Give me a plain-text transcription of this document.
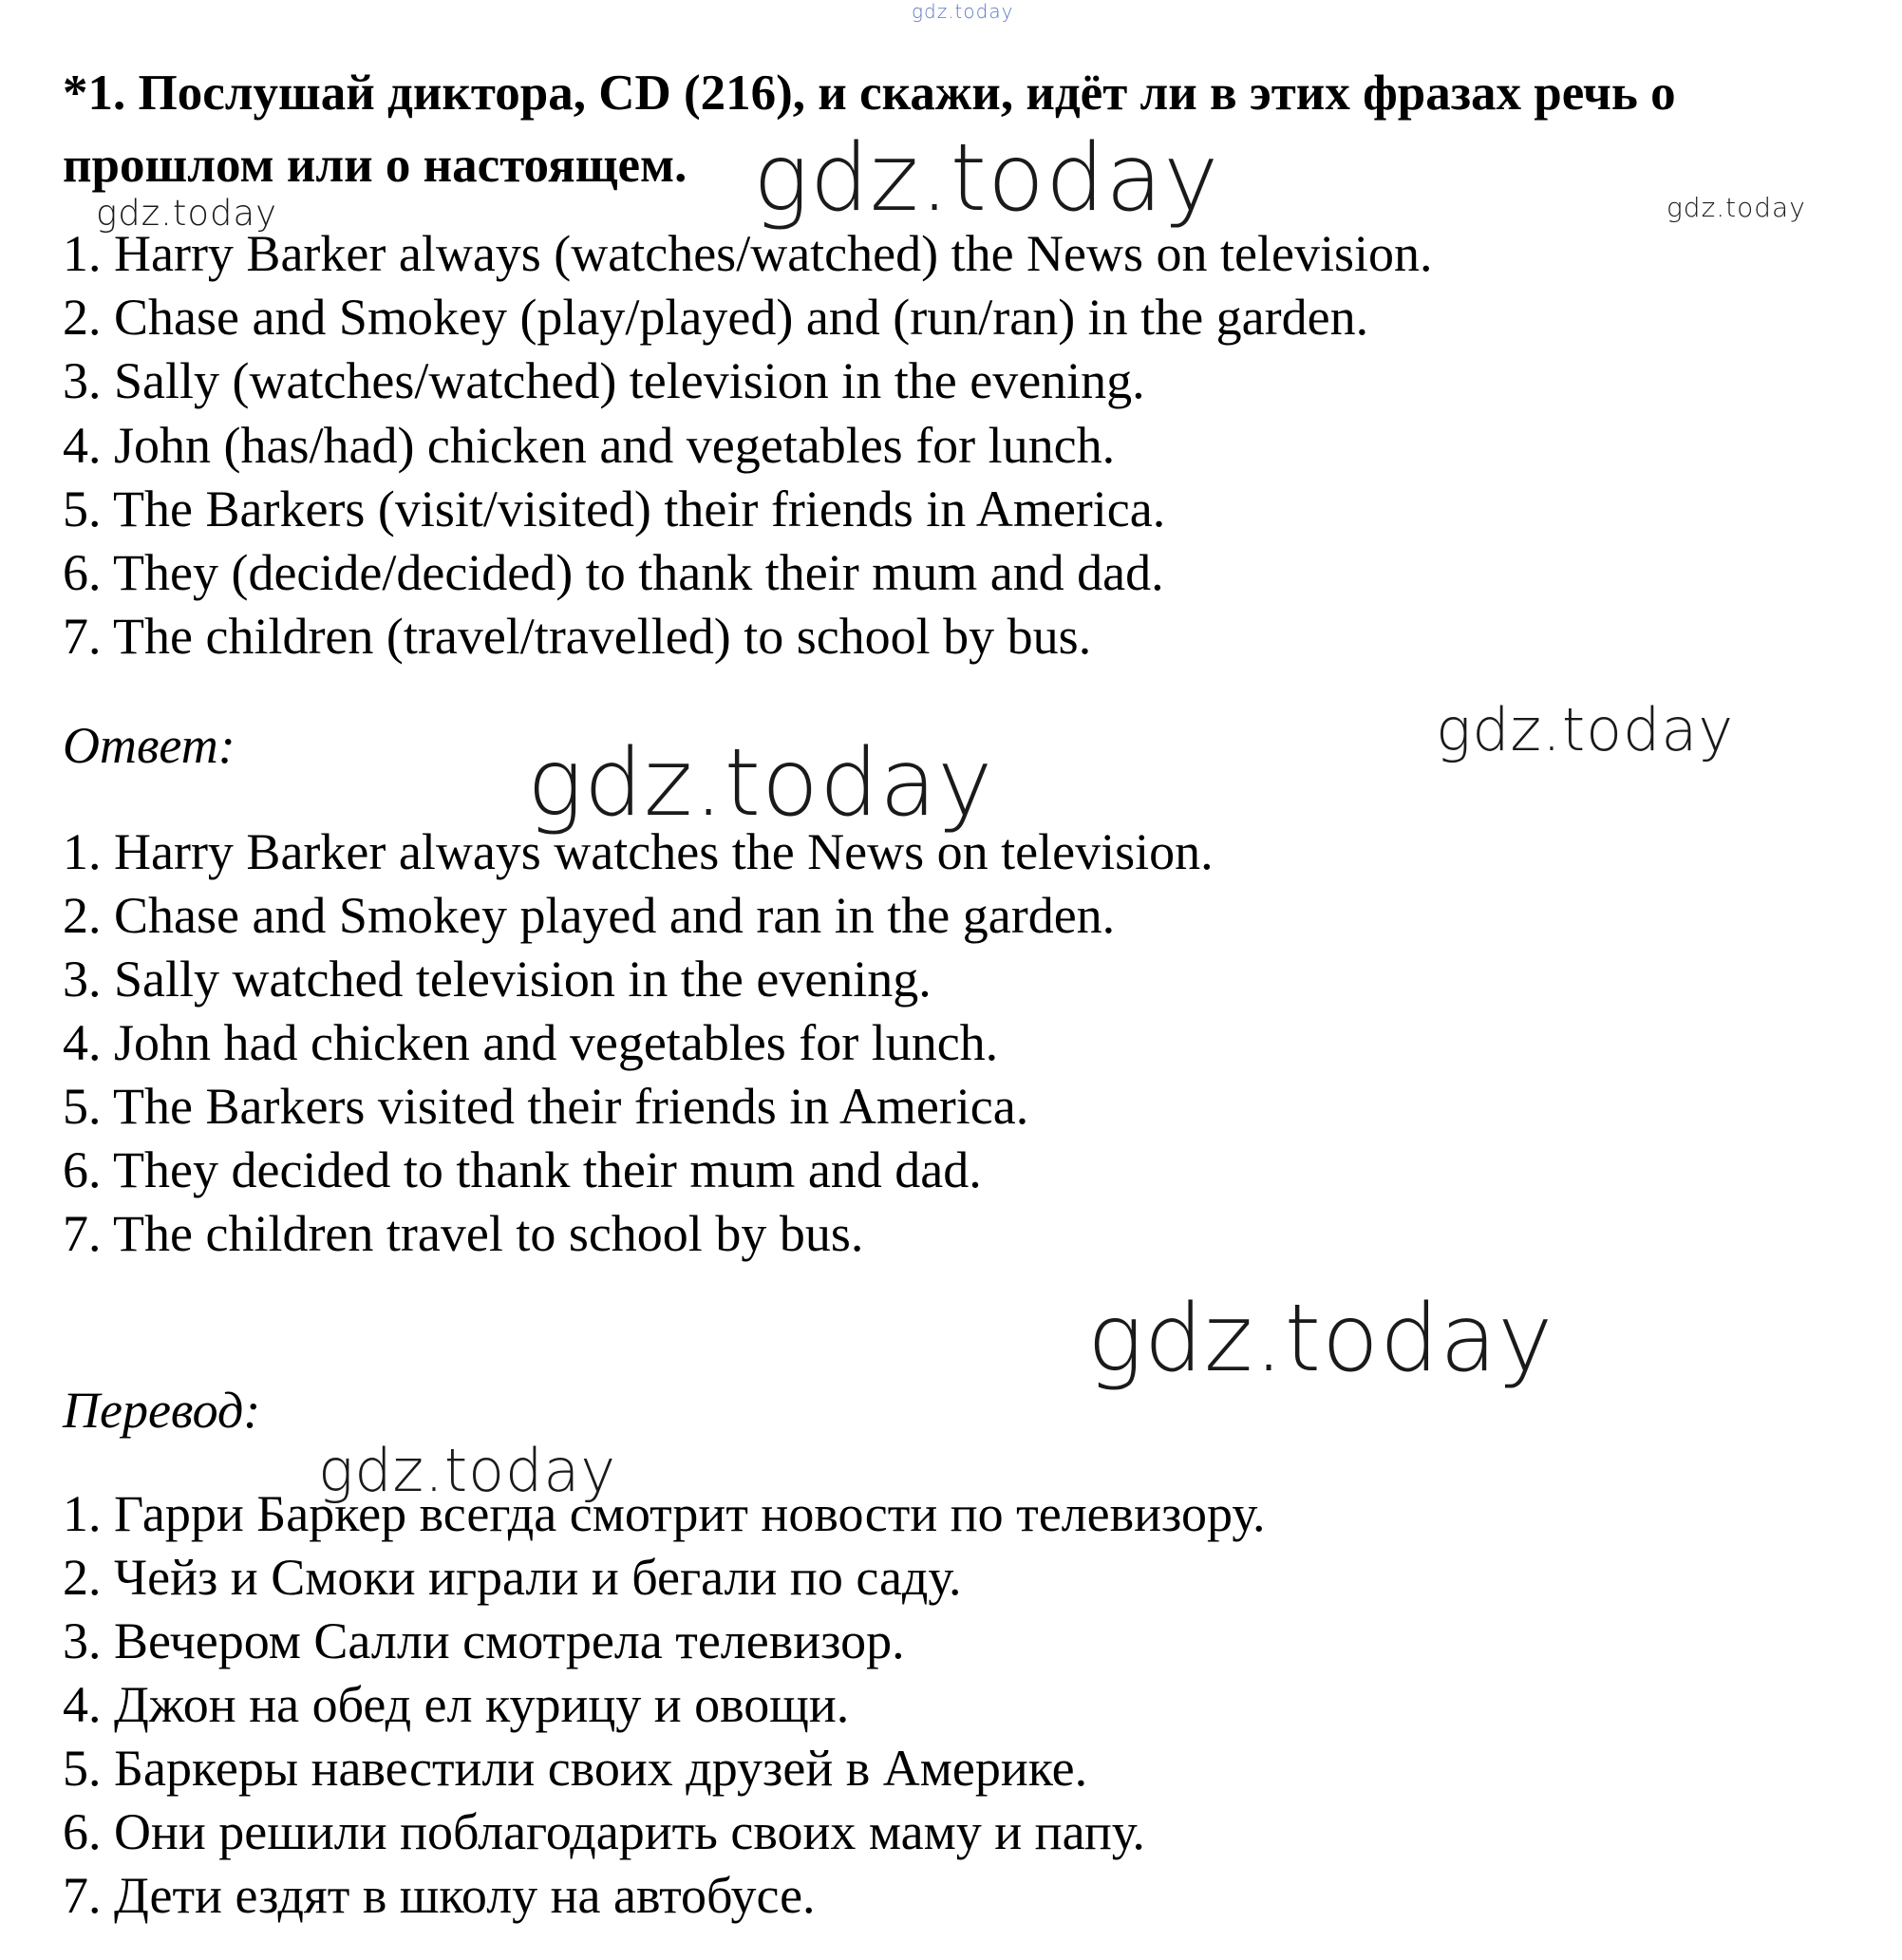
gdz.today
gdz.today
gdz.today	gdz.today
gdz.today
gdz.today
gdz.today
gdz.today
*1. Послушай диктора, CD (216), и скажи, идёт ли в этих фразах речь о прошлом или о настоящем.

1. Harry Barker always (watches/watched) the News on television.

2. Chase and Smokey (play/played) and (run/ran) in the garden.

3. Sally (watches/watched) television in the evening.

4. John (has/had) chicken and vegetables for lunch.

5. The Barkers (visit/visited) their friends in America.

6. They (decide/decided) to thank their mum and dad.

7. The children (travel/travelled) to school by bus.

Ответ:

1. Harry Barker always watches the News on television.

2. Chase and Smokey played and ran in the garden.

3. Sally watched television in the evening.

4. John had chicken and vegetables for lunch.

5. The Barkers visited their friends in America.

6. They decided to thank their mum and dad.

7. The children travel to school by bus.

Перевод:

1. Гарри Баркер всегда смотрит новости по телевизору.

2. Чейз и Смоки играли и бегали по саду.

3. Вечером Салли смотрела телевизор.

4. Джон на обед ел курицу и овощи.

5. Баркеры навестили своих друзей в Америке.

6. Они решили поблагодарить своих маму и папу.

7. Дети ездят в школу на автобусе.
